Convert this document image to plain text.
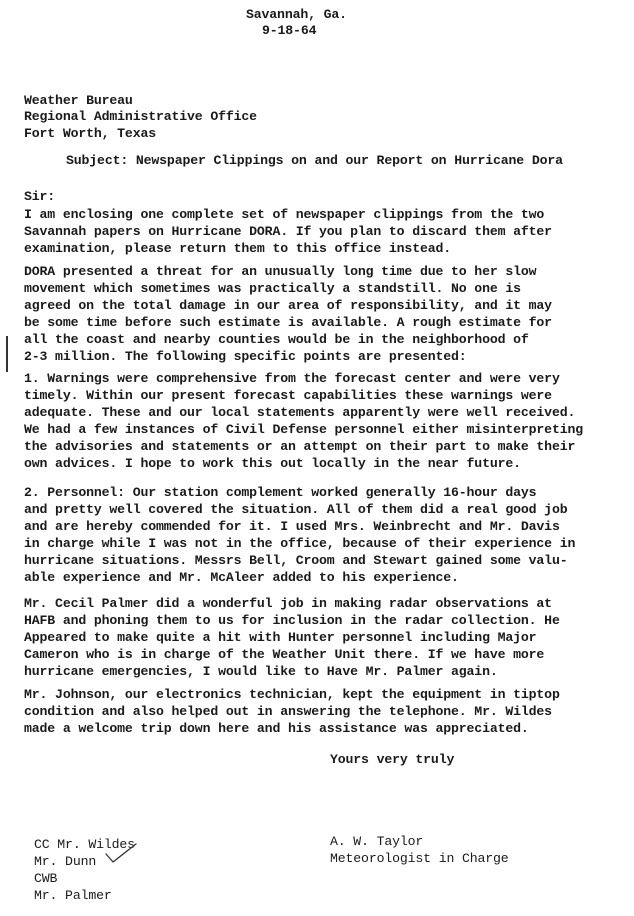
Savannah, Ga.
9-18-64
Weather Bureau
Regional Administrative Office
Fort Worth, Texas
Subject: Newspaper Clippings on and our Report on Hurricane Dora
Sir:
I am enclosing one complete set of newspaper clippings from the two
Savannah papers on Hurricane DORA. If you plan to discard them after
examination, please return them to this office instead.
DORA presented a threat for an unusually long time due to her slow
movement which sometimes was practically a standstill. No one is
agreed on the total damage in our area of responsibility, and it may
be some time before such estimate is available. A rough estimate for
all the coast and nearby counties would be in the neighborhood of
2-3 million. The following specific points are presented:
1. Warnings were comprehensive from the forecast center and were very
timely. Within our present forecast capabilities these warnings were
adequate. These and our local statements apparently were well received.
We had a few instances of Civil Defense personnel either misinterpreting
the advisories and statements or an attempt on their part to make their
own advices. I hope to work this out locally in the near future.
2. Personnel: Our station complement worked generally 16-hour days
and pretty well covered the situation. All of them did a real good job
and are hereby commended for it. I used Mrs. Weinbrecht and Mr. Davis
in charge while I was not in the office, because of their experience in
hurricane situations. Messrs Bell, Croom and Stewart gained some valu-
able experience and Mr. McAleer added to his experience.
Mr. Cecil Palmer did a wonderful job in making radar observations at
HAFB and phoning them to us for inclusion in the radar collection. He
Appeared to make quite a hit with Hunter personnel including Major
Cameron who is in charge of the Weather Unit there. If we have more
hurricane emergencies, I would like to Have Mr. Palmer again.
Mr. Johnson, our electronics technician, kept the equipment in tiptop
condition and also helped out in answering the telephone. Mr. Wildes
made a welcome trip down here and his assistance was appreciated.
Yours very truly
CC Mr. Wildes
Mr. Dunn
CWB
Mr. Palmer
A. W. Taylor
Meteorologist in Charge
